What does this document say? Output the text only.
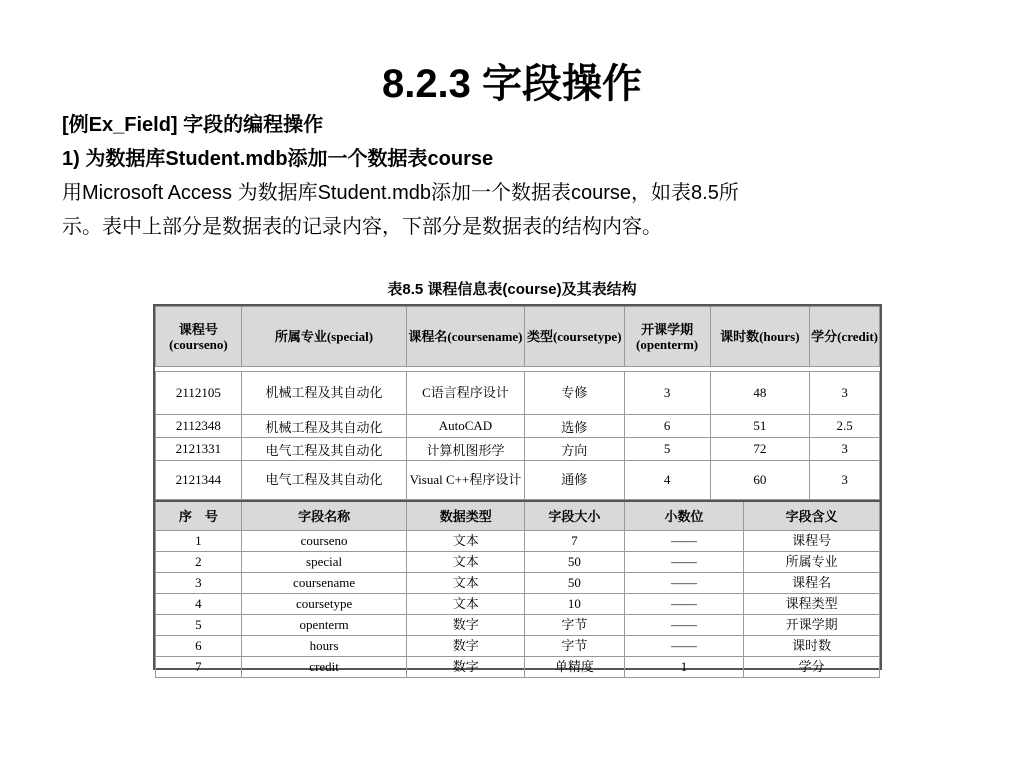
8.2.3 字段操作
[例Ex_Field] 字段的编程操作
1) 为数据库Student.mdb添加一个数据表course
用Microsoft Access 为数据库Student.mdb添加一个数据表course，如表8.5所
示。表中上部分是数据表的记录内容，下部分是数据表的结构内容。
表8.5 课程信息表(course)及其表结构
课程号(courseno)	所属专业(special)	课程名(coursename)	类型(coursetype)	开课学期(openterm)	课时数(hours)	学分(credit)

2112105	机械工程及其自动化	C语言程序设计	专修	3	48	3
2112348	机械工程及其自动化	AutoCAD	选修	6	51	2.5
2121331	电气工程及其自动化	计算机图形学	方向	5	72	3
2121344	电气工程及其自动化	Visual C++程序设计	通修	4	60	3
序　号	字段名称	数据类型	字段大小	小数位	字段含义
1	courseno	文本	7	——	课程号
2	special	文本	50	——	所属专业
3	coursename	文本	50	——	课程名
4	coursetype	文本	10	——	课程类型
5	openterm	数字	字节	——	开课学期
6	hours	数字	字节	——	课时数
7	credit	数字	单精度	1	学分
